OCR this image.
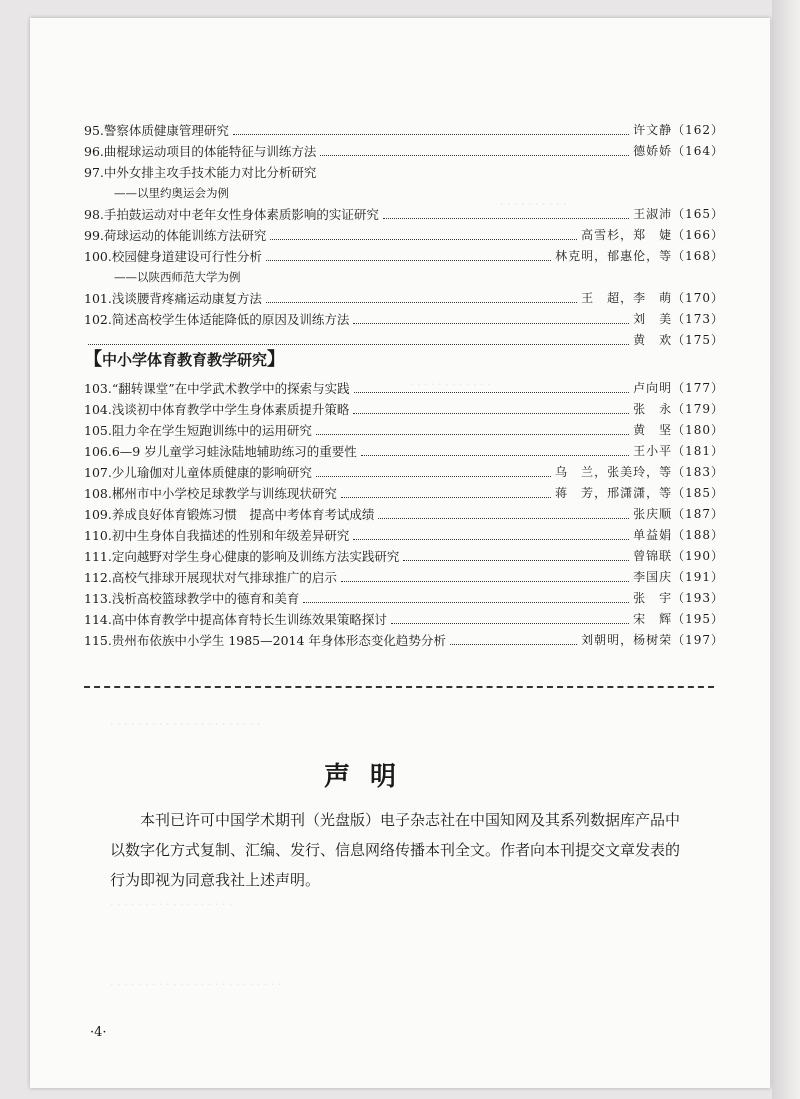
· · · · · · · · · ·
· · · · · · · · · · · ·
· · · · · · · · · · · · · · · · · · · · · ·
· · · · · · · · · · · · · · · · · ·
· · · · · · · · · · · · · · · · · · · · · · · · ·
95. 警察体质健康管理研究	许文静（162）
96. 曲棍球运动项目的体能特征与训练方法	德娇娇（164）
97. 中外女排主攻手技术能力对比分析研究
——以里约奥运会为例
98. 手拍鼓运动对中老年女性身体素质影响的实证研究	王淑沛（165）
99. 荷球运动的体能训练方法研究	高雪杉，郑　婕（166）
100. 校园健身道建设可行性分析	林克明，郁惠伦，等（168）
——以陕西师范大学为例
101. 浅谈腰背疼痛运动康复方法	王　超，李　萌（170）
102. 简述高校学生体适能降低的原因及训练方法	刘　美（173）
黄　欢（175）
【中小学体育教育教学研究】
103. “翻转课堂”在中学武术教学中的探索与实践	卢向明（177）
104. 浅谈初中体育教学中学生身体素质提升策略	张　永（179）
105. 阻力伞在学生短跑训练中的运用研究	黄　坚（180）
106. 6—9 岁儿童学习蛙泳陆地辅助练习的重要性	王小平（181）
107. 少儿瑜伽对儿童体质健康的影响研究	乌　兰，张美玲，等（183）
108. 郴州市中小学校足球教学与训练现状研究	蒋　芳，邢潇潇，等（185）
109. 养成良好体育锻炼习惯　提高中考体育考试成绩	张庆顺（187）
110. 初中生身体自我描述的性别和年级差异研究	单益娟（188）
111. 定向越野对学生身心健康的影响及训练方法实践研究	曾锦联（190）
112. 高校气排球开展现状对气排球推广的启示	李国庆（191）
113. 浅析高校篮球教学中的德育和美育	张　宇（193）
114. 高中体育教学中提高体育特长生训练效果策略探讨	宋　辉（195）
115. 贵州布依族中小学生 1985—2014 年身体形态变化趋势分析	刘朝明，杨树荣（197）
声明
本刊已许可中国学术期刊（光盘版）电子杂志社在中国知网及其系列数据库产品中以数字化方式复制、汇编、发行、信息网络传播本刊全文。作者向本刊提交文章发表的行为即视为同意我社上述声明。
·4·
